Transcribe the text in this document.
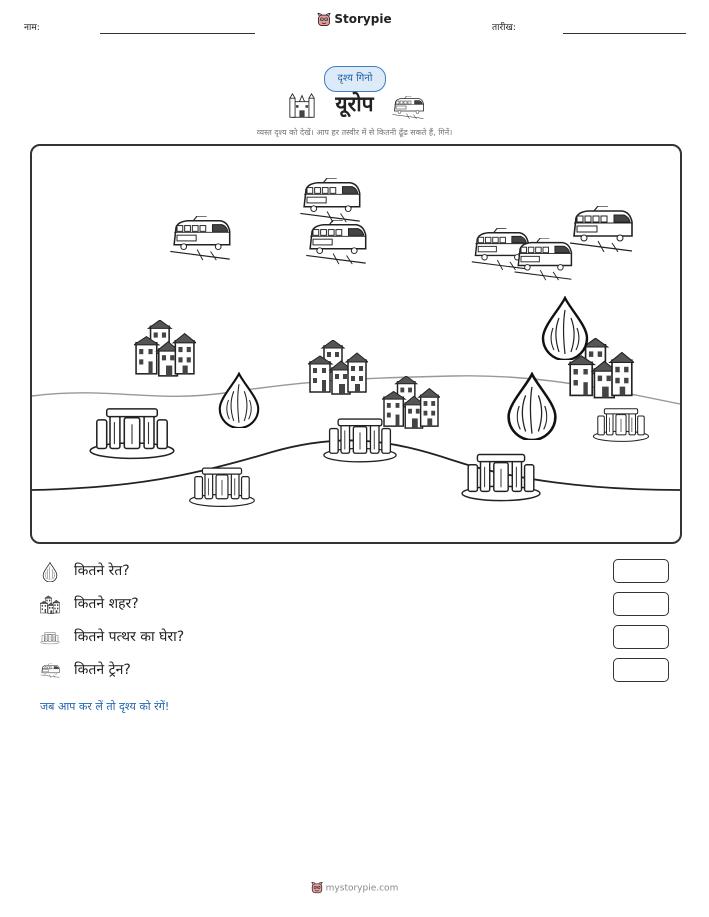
नाम:
Storypie
तारीख:
दृश्य गिनो
यूरोप
व्यस्त दृश्य को देखें। आप हर तस्वीर में से कितनी ढूँढ सकते हैं, गिनें।
कितने रेत?
कितने शहर?
कितने पत्थर का घेरा?
कितने ट्रेन?
जब आप कर लें तो दृश्य को रंगें!
mystorypie.com
